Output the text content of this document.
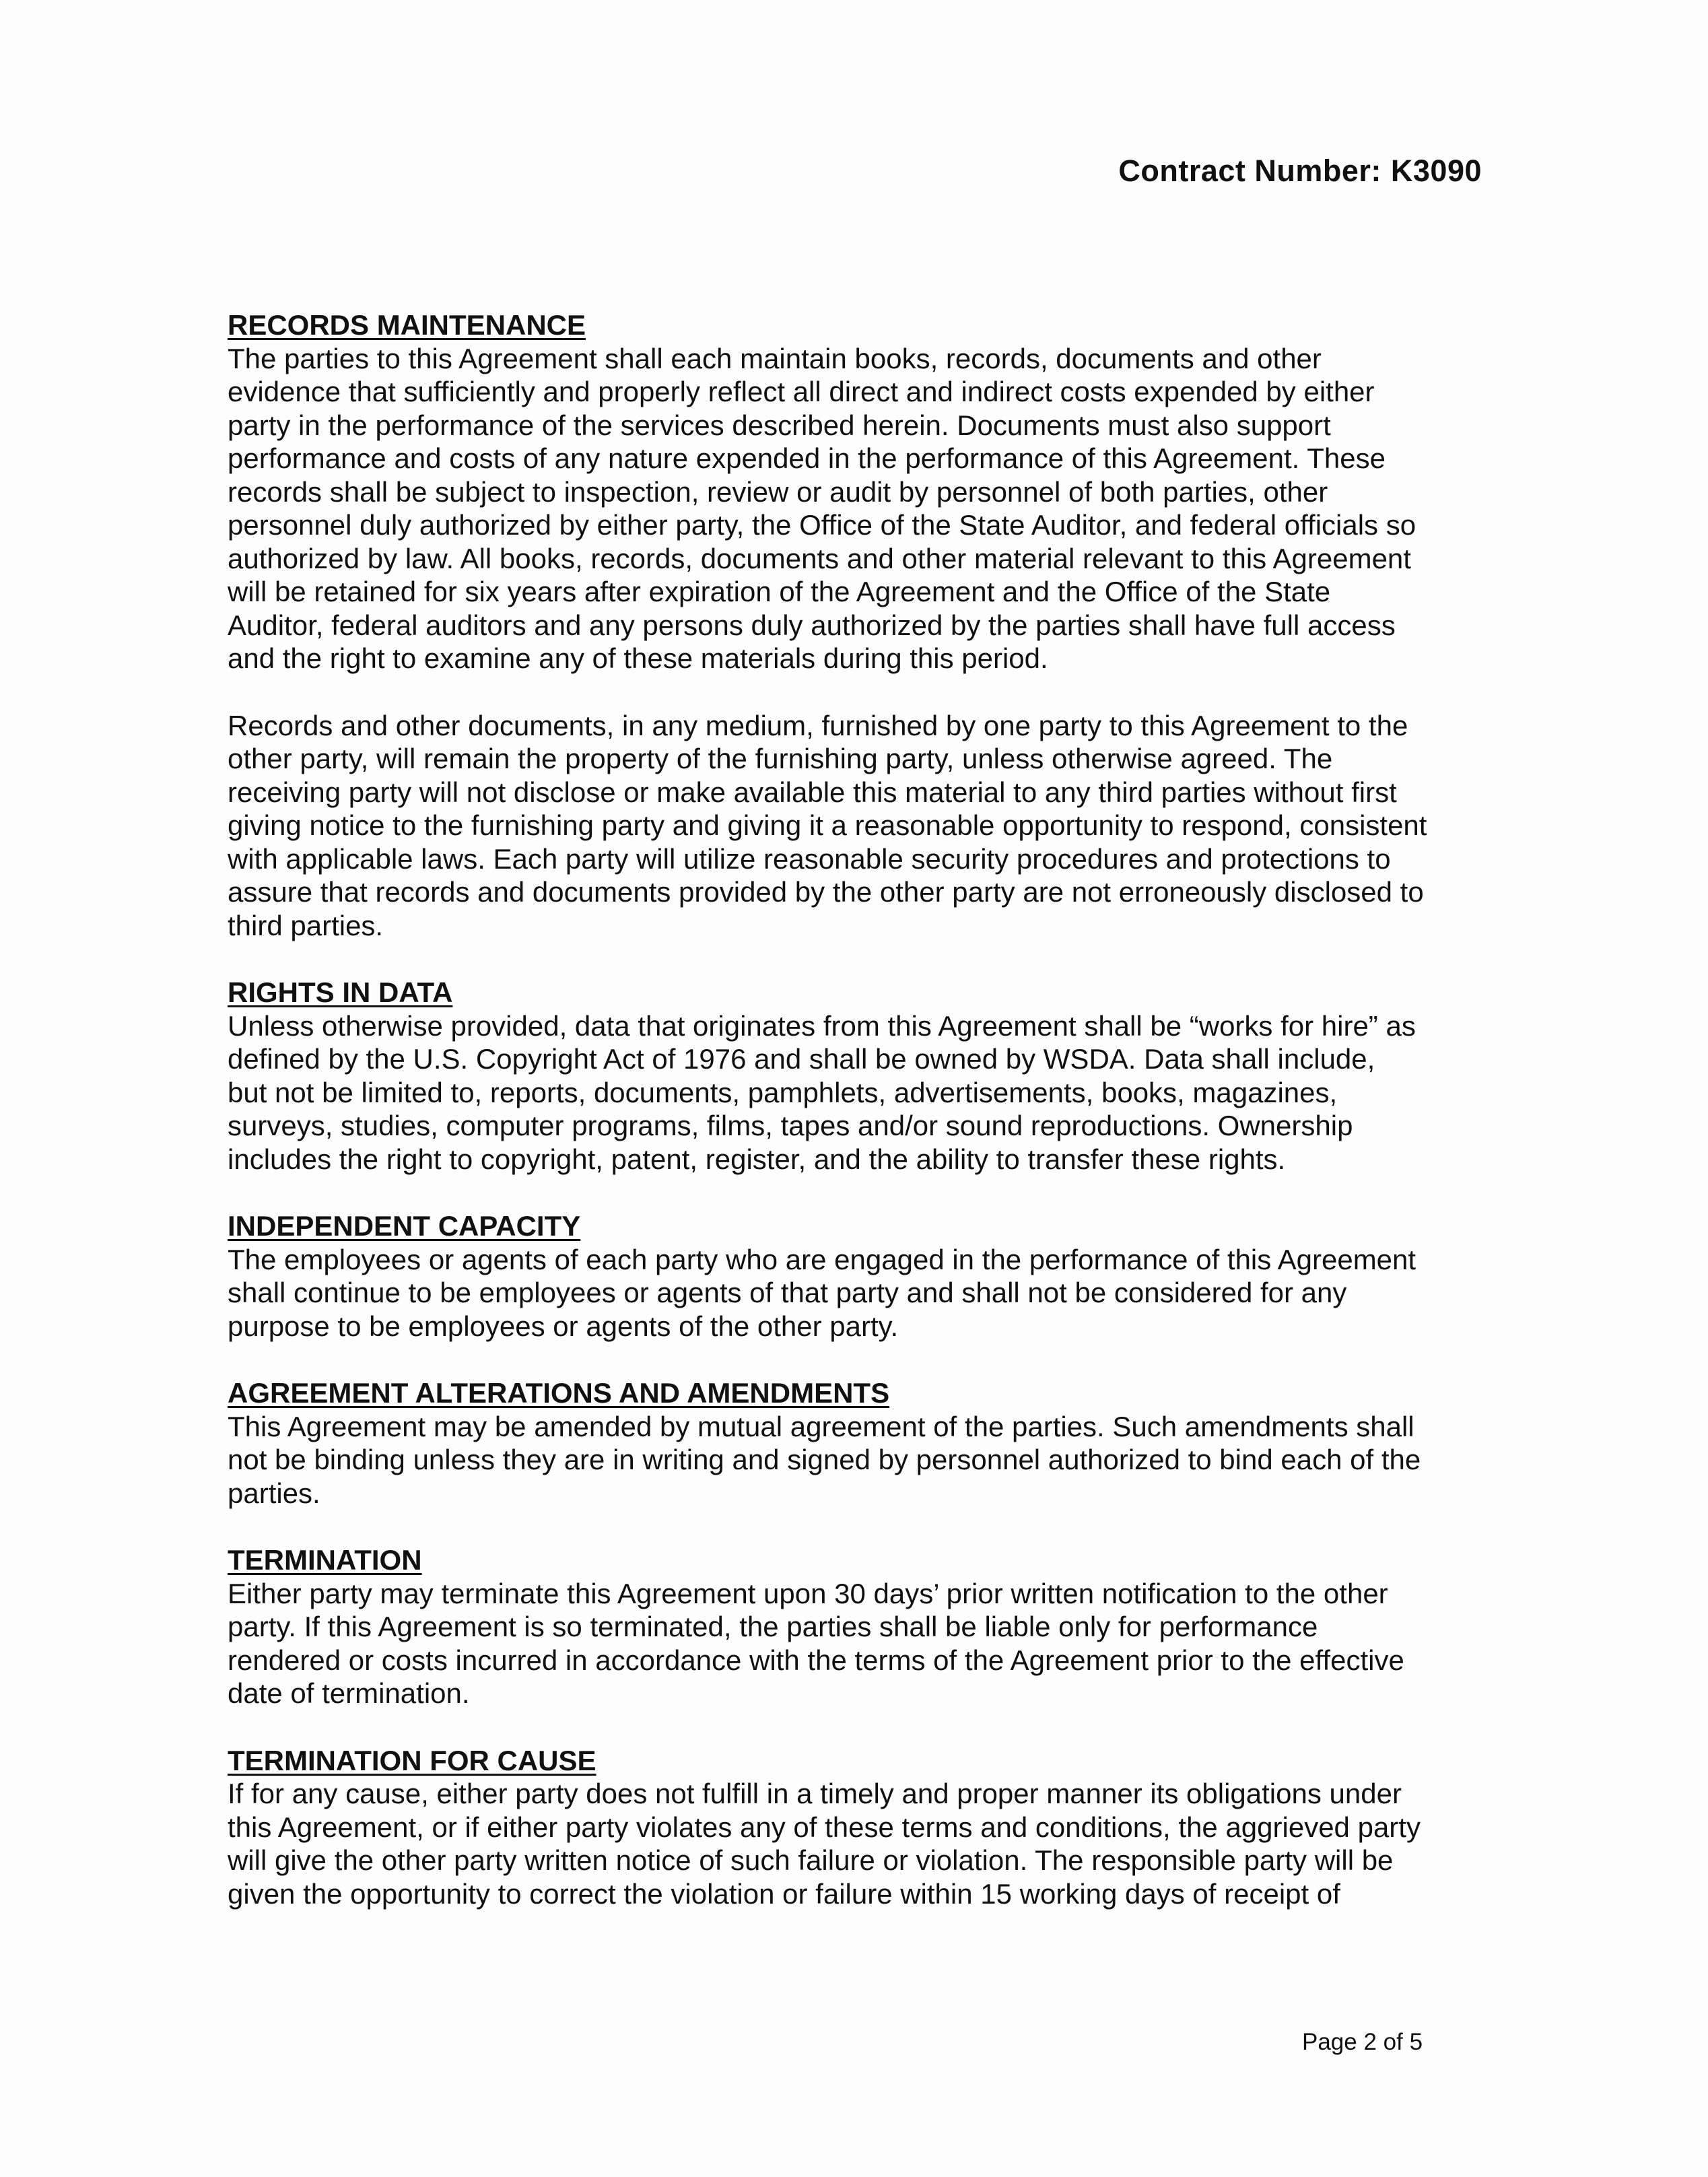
Contract Number: K3090

RECORDS MAINTENANCE

The parties to this Agreement shall each maintain books, records, documents and other
evidence that sufficiently and properly reflect all direct and indirect costs expended by either
party in the performance of the services described herein. Documents must also support
performance and costs of any nature expended in the performance of this Agreement. These
records shall be subject to inspection, review or audit by personnel of both parties, other
personnel duly authorized by either party, the Office of the State Auditor, and federal officials so
authorized by law. All books, records, documents and other material relevant to this Agreement
will be retained for six years after expiration of the Agreement and the Office of the State
Auditor, federal auditors and any persons duly authorized by the parties shall have full access
and the right to examine any of these materials during this period.

Records and other documents, in any medium, furnished by one party to this Agreement to the
other party, will remain the property of the furnishing party, unless otherwise agreed. The
receiving party will not disclose or make available this material to any third parties without first
giving notice to the furnishing party and giving it a reasonable opportunity to respond, consistent
with applicable laws. Each party will utilize reasonable security procedures and protections to
assure that records and documents provided by the other party are not erroneously disclosed to
third parties.

RIGHTS IN DATA

Unless otherwise provided, data that originates from this Agreement shall be “works for hire” as
defined by the U.S. Copyright Act of 1976 and shall be owned by WSDA. Data shall include,
but not be limited to, reports, documents, pamphlets, advertisements, books, magazines,
surveys, studies, computer programs, films, tapes and/or sound reproductions. Ownership
includes the right to copyright, patent, register, and the ability to transfer these rights.

INDEPENDENT CAPACITY

The employees or agents of each party who are engaged in the performance of this Agreement
shall continue to be employees or agents of that party and shall not be considered for any
purpose to be employees or agents of the other party.

AGREEMENT ALTERATIONS AND AMENDMENTS

This Agreement may be amended by mutual agreement of the parties. Such amendments shall
not be binding unless they are in writing and signed by personnel authorized to bind each of the
parties.

TERMINATION

Either party may terminate this Agreement upon 30 days’ prior written notification to the other
party. If this Agreement is so terminated, the parties shall be liable only for performance
rendered or costs incurred in accordance with the terms of the Agreement prior to the effective
date of termination.

TERMINATION FOR CAUSE

If for any cause, either party does not fulfill in a timely and proper manner its obligations under
this Agreement, or if either party violates any of these terms and conditions, the aggrieved party
will give the other party written notice of such failure or violation. The responsible party will be
given the opportunity to correct the violation or failure within 15 working days of receipt of

Page 2 of 5
